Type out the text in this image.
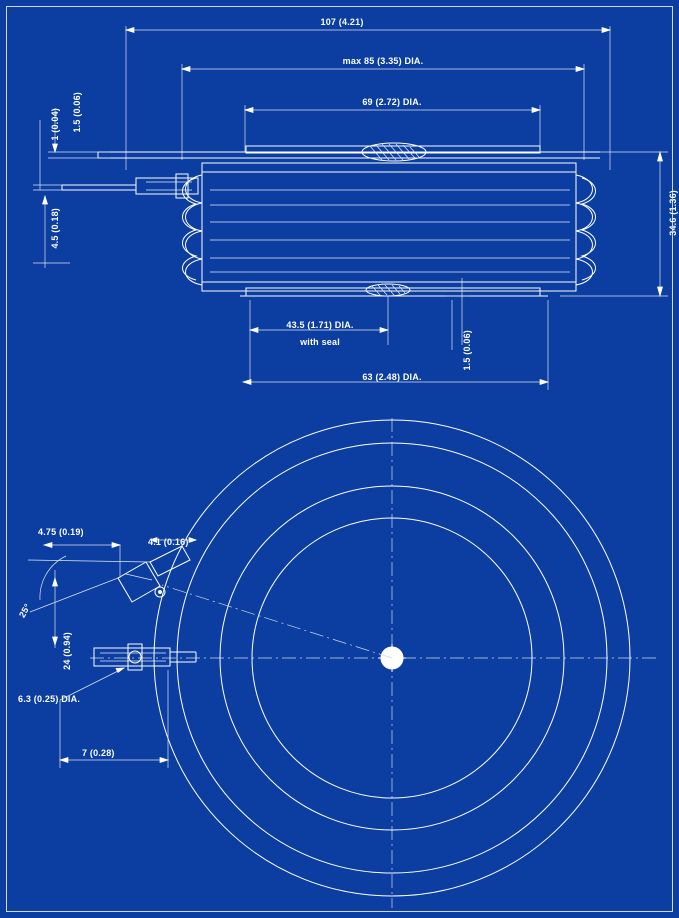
107 (4.21)
max 85 (3.35) DIA.
69 (2.72) DIA.
1.5 (0.06)
1 (0.04)
4.5 (0.18)	34.6 (1.36)
43.5 (1.71) DIA.
with seal	1.5 (0.06)
63 (2.48) DIA.
4.75 (0.19)
4.1 (0.16)
24 (0.94)
6.3 (0.25) DIA.
7 (0.28)
25°
